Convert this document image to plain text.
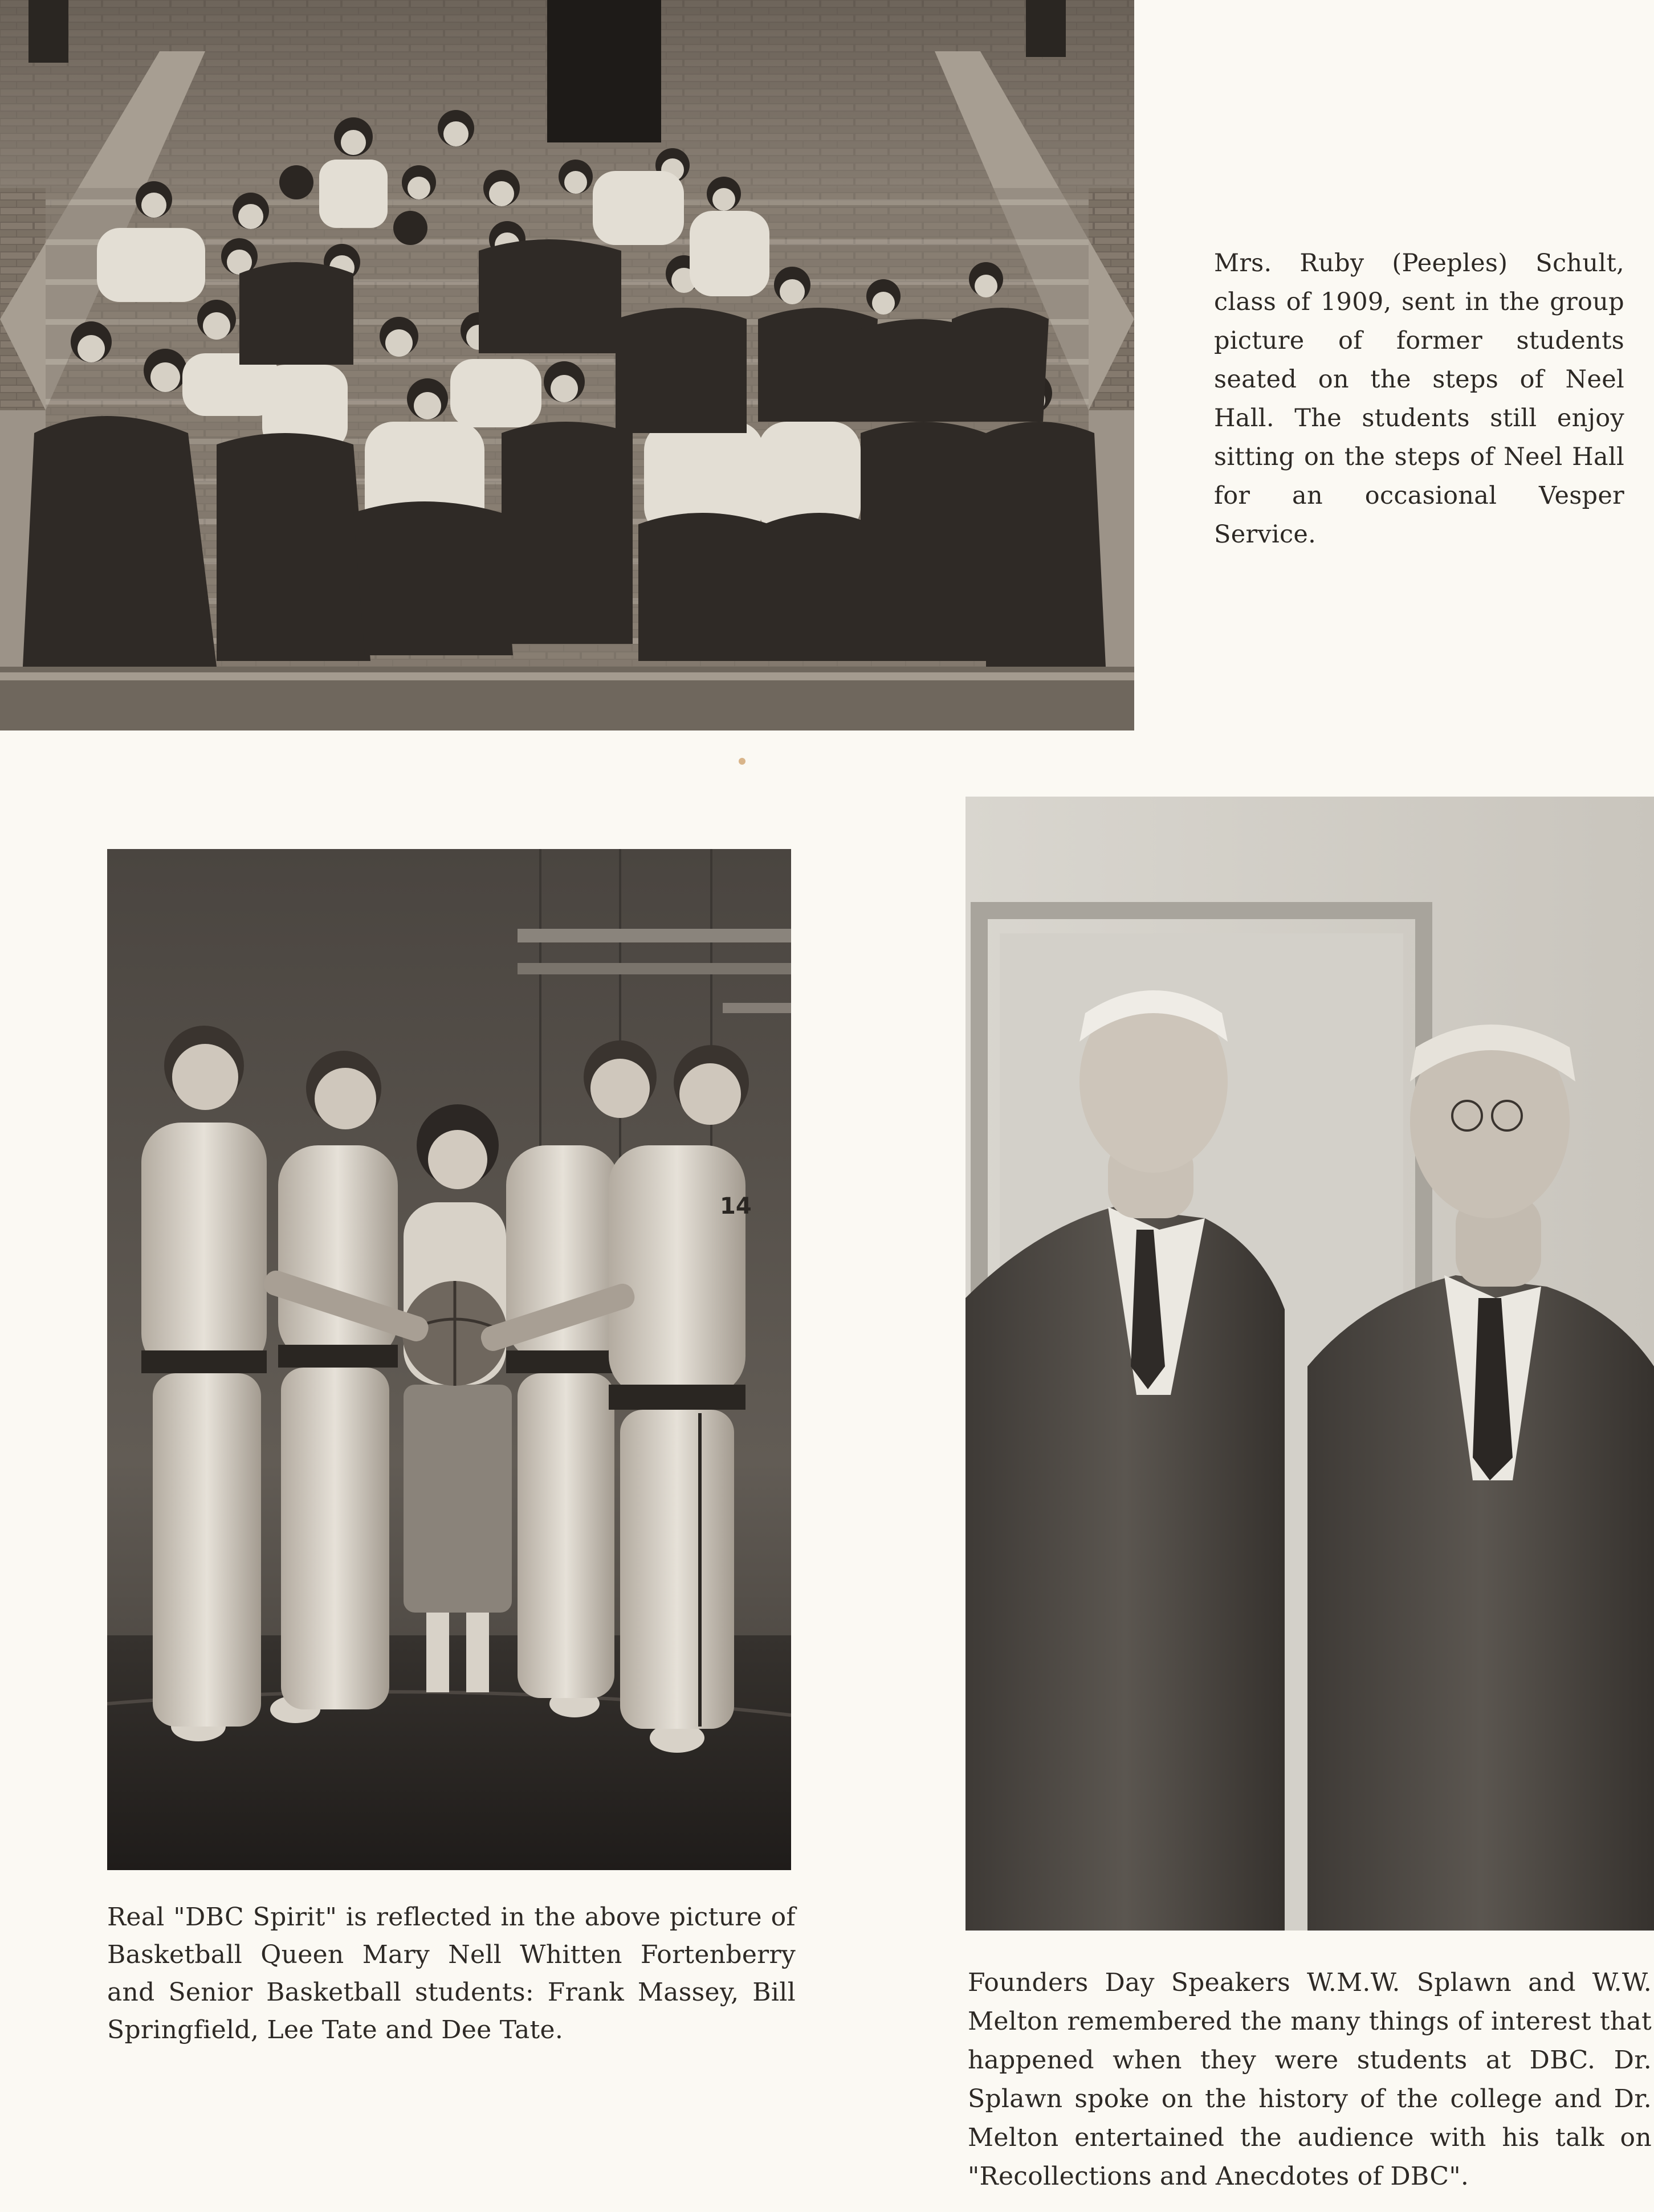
Mrs. Ruby (Peeples) Schult, class of 1909, sent in the group picture of former students seated on the steps of Neel Hall. The students still enjoy sitting on the steps of Neel Hall for an occasional Vesper Service.
14
Real "DBC Spirit" is reflected in the above picture of Basketball Queen Mary Nell Whitten Fortenberry and Senior Basketball students: Frank Massey, Bill Springfield, Lee Tate and Dee Tate.
Founders Day Speakers W.M.W. Splawn and W.W. Melton remembered the many things of interest that happened when they were students at DBC. Dr. Splawn spoke on the history of the college and Dr. Melton entertained the audience with his talk on "Recollections and Anecdotes of DBC".
